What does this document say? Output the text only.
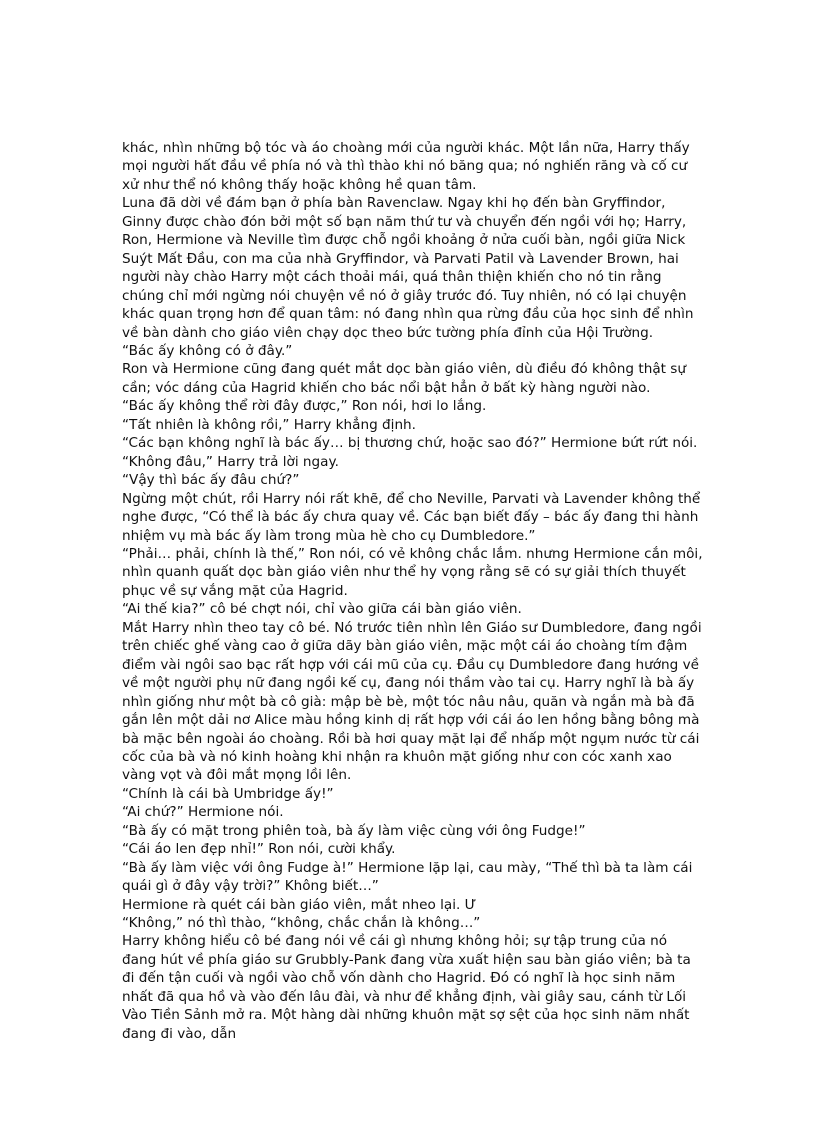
khác, nhìn những bộ tóc và áo choàng mới của người khác. Một lần nữa, Harry thấy mọi người hất đầu về phía nó và thì thào khi nó băng qua; nó nghiến răng và cố cư xử như thể nó không thấy hoặc không hề quan tâm.

Luna đã dời về đám bạn ở phía bàn Ravenclaw. Ngay khi họ đến bàn Gryffindor, Ginny được chào đón bởi một số bạn năm thứ tư và chuyển đến ngồi với họ; Harry, Ron, Hermione và Neville tìm được chỗ ngồi khoảng ở nửa cuối bàn, ngồi giữa Nick Suýt Mất Đầu, con ma của nhà Gryffindor, và Parvati Patil và Lavender Brown, hai người này chào Harry một cách thoải mái, quá thân thiện khiến cho nó tin rằng chúng chỉ mới ngừng nói chuyện về nó ở giây trước đó. Tuy nhiên, nó có lại chuyện khác quan trọng hơn để quan tâm: nó đang nhìn qua rừng đầu của học sinh để nhìn về bàn dành cho giáo viên chạy dọc theo bức tường phía đỉnh của Hội Trường.

“Bác ấy không có ở đây.”

Ron và Hermione cũng đang quét mắt dọc bàn giáo viên, dù điều đó không thật sự cần; vóc dáng của Hagrid khiến cho bác nổi bật hẳn ở bất kỳ hàng người nào.

“Bác ấy không thể rời đây được,” Ron nói, hơi lo lắng.

“Tất nhiên là không rồi,” Harry khẳng định.

“Các bạn không nghĩ là bác ấy… bị thương chứ, hoặc sao đó?” Hermione bứt rứt nói.

“Không đâu,” Harry trả lời ngay.

“Vậy thì bác ấy đâu chứ?”

Ngừng một chút, rồi Harry nói rất khẽ, để cho Neville, Parvati và Lavender không thể nghe được, “Có thể là bác ấy chưa quay về. Các bạn biết đấy – bác ấy đang thi hành nhiệm vụ mà bác ấy làm trong mùa hè cho cụ Dumbledore.”

“Phải… phải, chính là thế,” Ron nói, có vẻ không chắc lắm. nhưng Hermione cắn môi, nhìn quanh quất dọc bàn giáo viên như thể hy vọng rằng sẽ có sự giải thích thuyết phục về sự vắng mặt của Hagrid.

“Ai thế kia?” cô bé chợt nói, chỉ vào giữa cái bàn giáo viên.

Mắt Harry nhìn theo tay cô bé. Nó trước tiên nhìn lên Giáo sư Dumbledore, đang ngồi trên chiếc ghế vàng cao ở giữa dãy bàn giáo viên, mặc một cái áo choàng tím đậm điểm vài ngôi sao bạc rất hợp với cái mũ của cụ. Đầu cụ Dumbledore đang hướng về về một người phụ nữ đang ngồi kế cụ, đang nói thầm vào tai cụ. Harry nghĩ là bà ấy nhìn giống như một bà cô già: mập bè bè, một tóc nâu nâu, quăn và ngắn mà bà đã gắn lên một dải nơ Alice màu hồng kinh dị rất hợp với cái áo len hồng bằng bông mà bà mặc bên ngoài áo choàng. Rồi bà hơi quay mặt lại để nhấp một ngụm nước từ cái cốc của bà và nó kinh hoàng khi nhận ra khuôn mặt giống như con cóc xanh xao vàng vọt và đôi mắt mọng lồi lên.

“Chính là cái bà Umbridge ấy!”

“Ai chứ?” Hermione nói.

“Bà ấy có mặt trong phiên toà, bà ấy làm việc cùng với ông Fudge!”

“Cái áo len đẹp nhỉ!” Ron nói, cười khẩy.

“Bà ấy làm việc với ông Fudge à!” Hermione lặp lại, cau mày, “Thế thì bà ta làm cái quái gì ở đây vậy trời?” Không biết…”

Hermione rà quét cái bàn giáo viên, mắt nheo lại. Ư

“Không,” nó thì thào, “không, chắc chắn là không…”

Harry không hiểu cô bé đang nói về cái gì nhưng không hỏi; sự tập trung của nó đang hút về phía giáo sư Grubbly-Pank đang vừa xuất hiện sau bàn giáo viên; bà ta đi đến tận cuối và ngồi vào chỗ vốn dành cho Hagrid. Đó có nghĩ là học sinh năm nhất đã qua hồ và vào đến lâu đài, và như để khẳng định, vài giây sau, cánh từ Lối Vào Tiền Sảnh mở ra. Một hàng dài những khuôn mặt sợ sệt của học sinh năm nhất đang đi vào, dẫn
